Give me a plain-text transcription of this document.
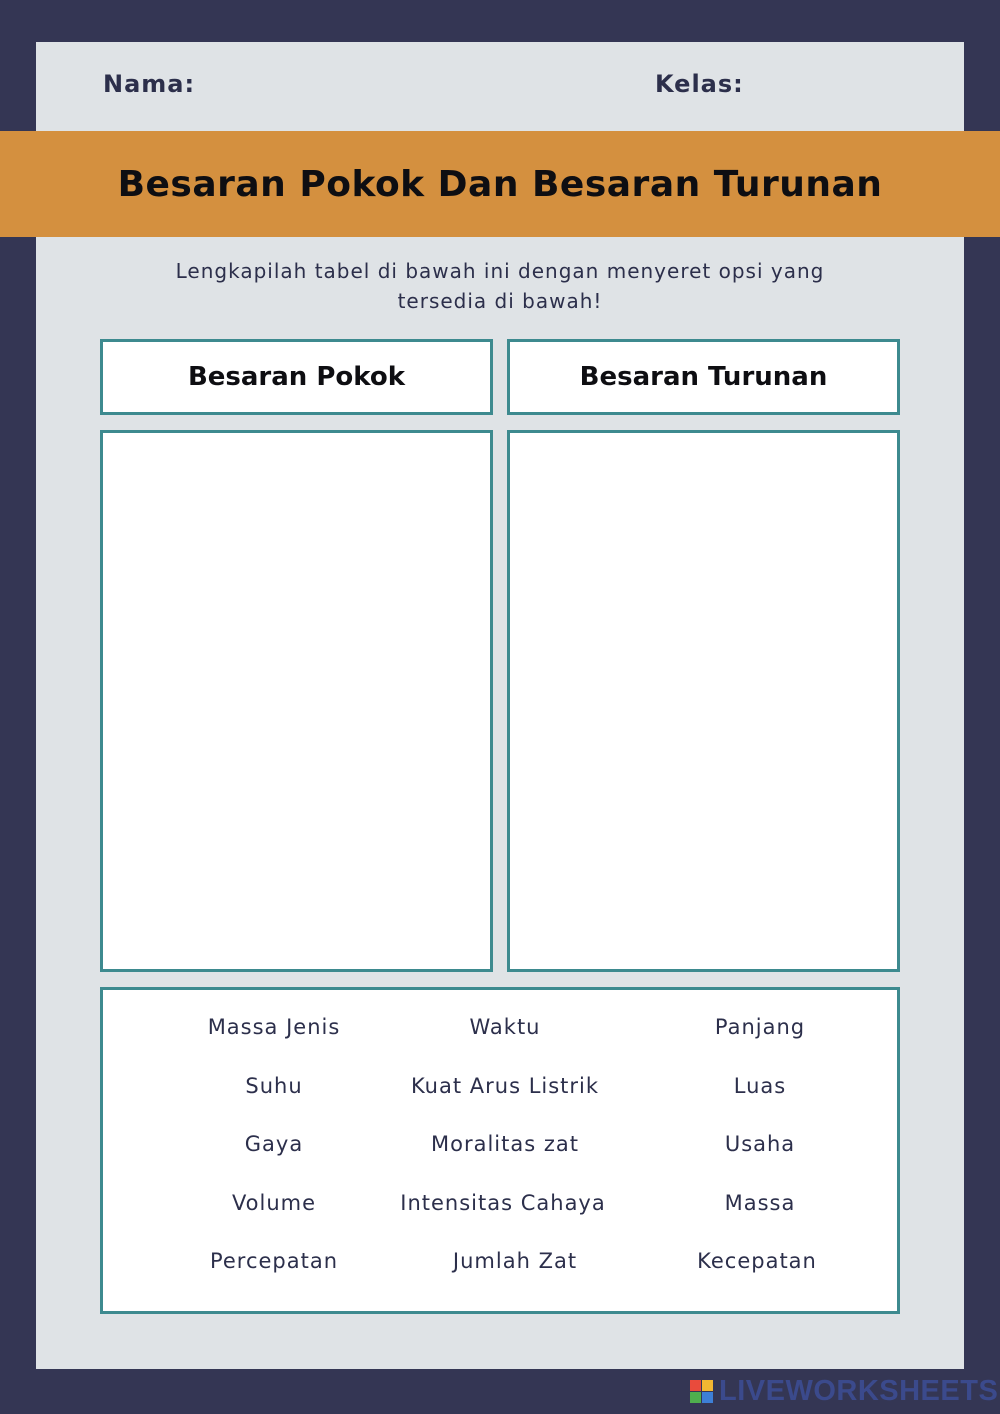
Nama:	Kelas:
Besaran Pokok Dan Besaran Turunan
Lengkapilah tabel di bawah ini dengan menyeret opsi yang tersedia di bawah!
Besaran Pokok	Besaran Turunan
Massa Jenis	Waktu	Panjang
Suhu	Kuat Arus Listrik	Luas
Gaya	Moralitas zat	Usaha
Volume	Intensitas Cahaya	Massa
Percepatan	Jumlah Zat	Kecepatan
LIVEWORKSHEETS
